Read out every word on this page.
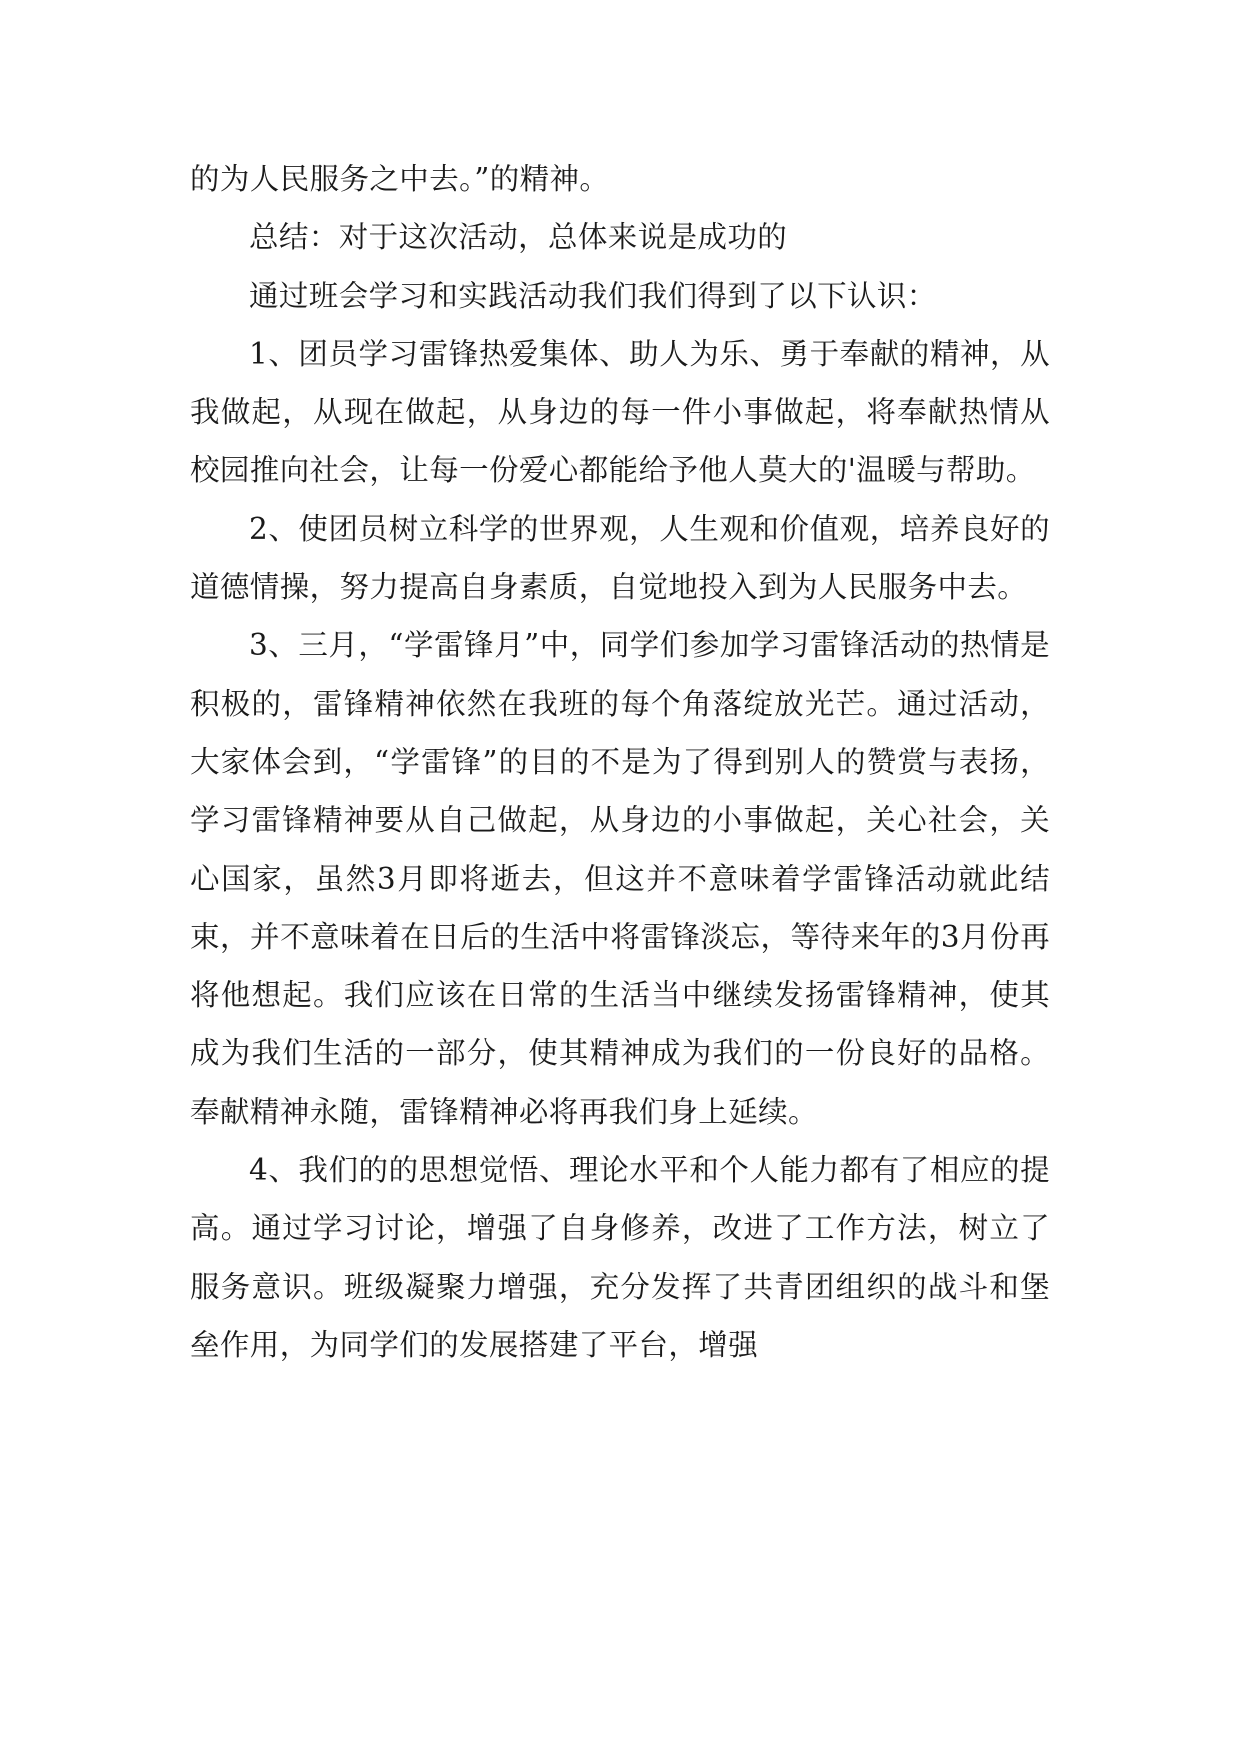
的为人民服务之中去。”的精神。

总结：对于这次活动，总体来说是成功的

通过班会学习和实践活动我们我们得到了以下认识：

1、团员学习雷锋热爱集体、助人为乐、勇于奉献的精神，从我做起，从现在做起，从身边的每一件小事做起，将奉献热情从校园推向社会，让每一份爱心都能给予他人莫大的'温暖与帮助。

2、使团员树立科学的世界观，人生观和价值观，培养良好的道德情操，努力提高自身素质，自觉地投入到为人民服务中去。

3、三月，“学雷锋月”中，同学们参加学习雷锋活动的热情是积极的，雷锋精神依然在我班的每个角落绽放光芒。通过活动，大家体会到，“学雷锋”的目的不是为了得到别人的赞赏与表扬，学习雷锋精神要从自己做起，从身边的小事做起，关心社会，关心国家，虽然3月即将逝去，但这并不意味着学雷锋活动就此结束，并不意味着在日后的生活中将雷锋淡忘，等待来年的3月份再将他想起。我们应该在日常的生活当中继续发扬雷锋精神，使其成为我们生活的一部分，使其精神成为我们的一份良好的品格。奉献精神永随，雷锋精神必将再我们身上延续。

4、我们的的思想觉悟、理论水平和个人能力都有了相应的提高。通过学习讨论，增强了自身修养，改进了工作方法，树立了服务意识。班级凝聚力增强，充分发挥了共青团组织的战斗和堡垒作用，为同学们的发展搭建了平台，增强
